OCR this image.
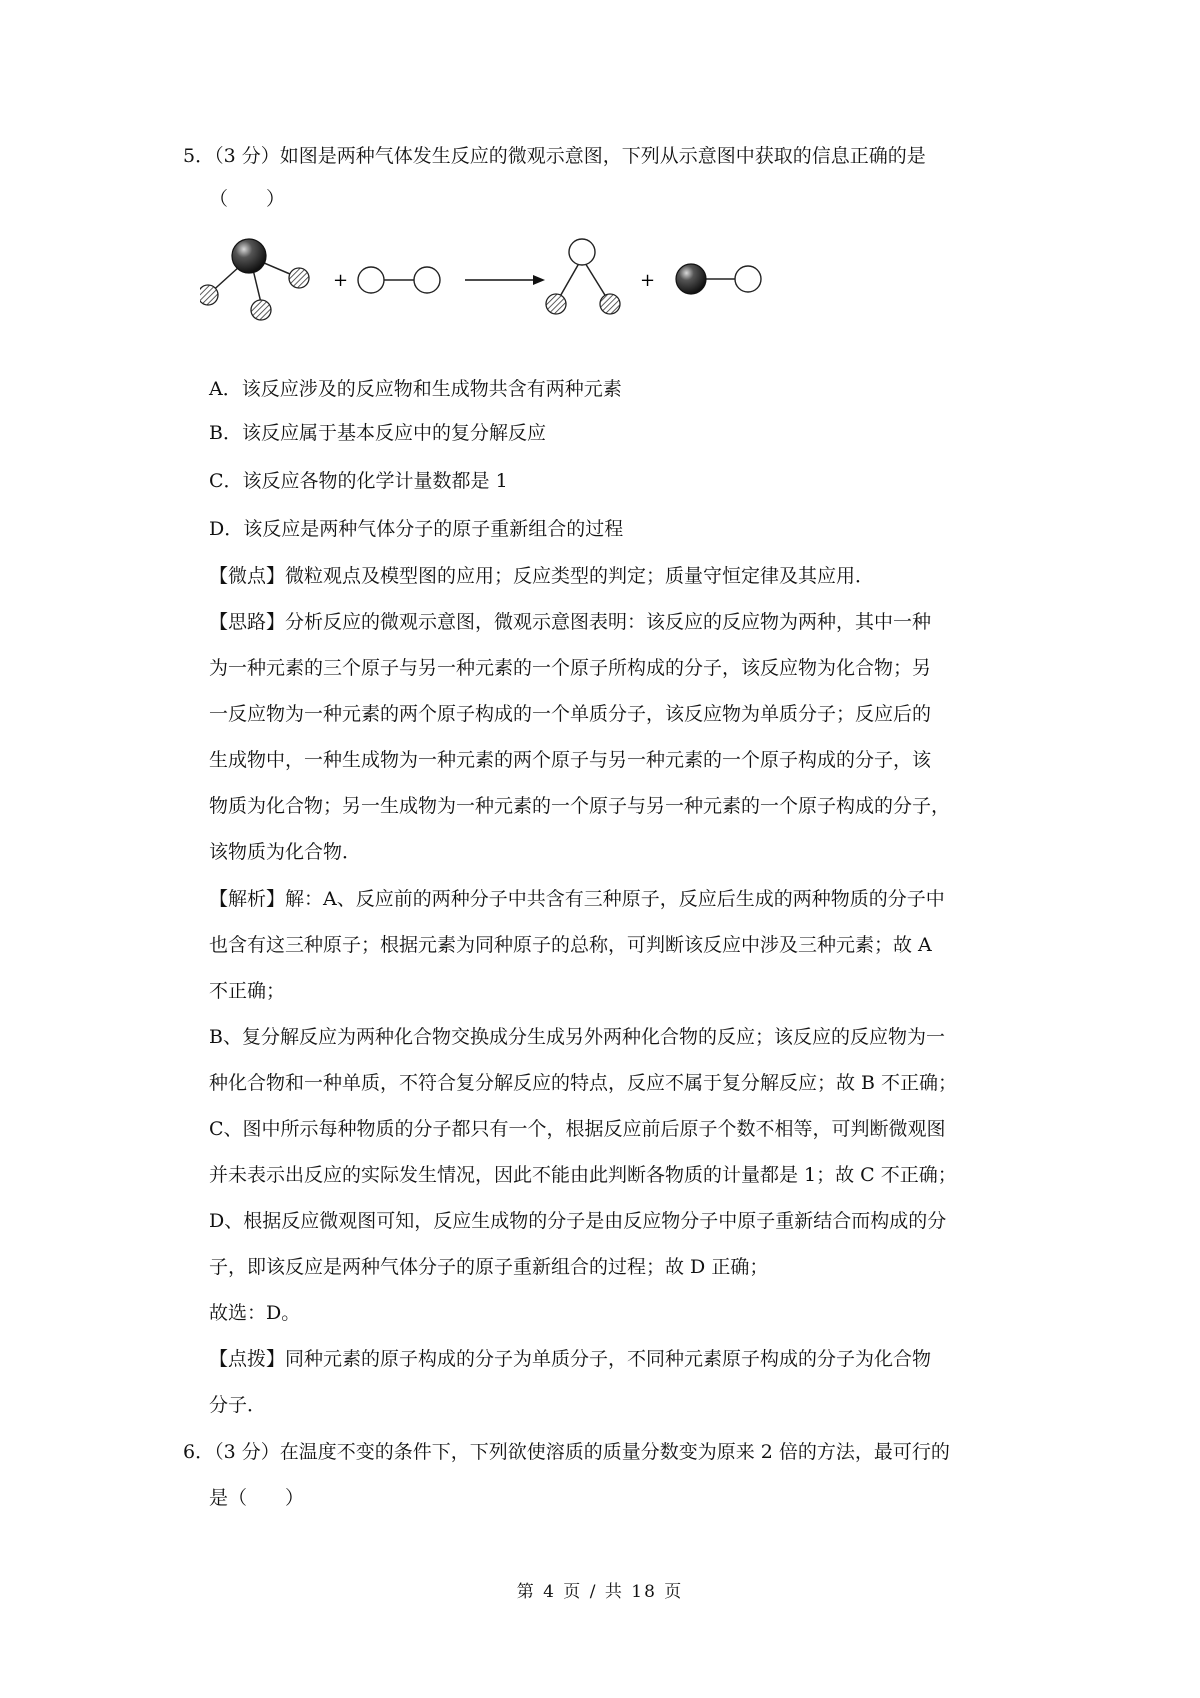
5．（3 分）如图是两种气体发生反应的微观示意图，下列从示意图中获取的信息正确的是
（　　）
+	+
A．该反应涉及的反应物和生成物共含有两种元素
B．该反应属于基本反应中的复分解反应
C．该反应各物的化学计量数都是 1
D．该反应是两种气体分子的原子重新组合的过程
【微点】微粒观点及模型图的应用；反应类型的判定；质量守恒定律及其应用．
【思路】分析反应的微观示意图，微观示意图表明：该反应的反应物为两种，其中一种
为一种元素的三个原子与另一种元素的一个原子所构成的分子，该反应物为化合物；另
一反应物为一种元素的两个原子构成的一个单质分子，该反应物为单质分子；反应后的
生成物中，一种生成物为一种元素的两个原子与另一种元素的一个原子构成的分子，该
物质为化合物；另一生成物为一种元素的一个原子与另一种元素的一个原子构成的分子，
该物质为化合物．
【解析】解：A、反应前的两种分子中共含有三种原子，反应后生成的两种物质的分子中
也含有这三种原子；根据元素为同种原子的总称，可判断该反应中涉及三种元素；故 A
不正确；
B、复分解反应为两种化合物交换成分生成另外两种化合物的反应；该反应的反应物为一
种化合物和一种单质，不符合复分解反应的特点，反应不属于复分解反应；故 B 不正确；
C、图中所示每种物质的分子都只有一个，根据反应前后原子个数不相等，可判断微观图
并未表示出反应的实际发生情况，因此不能由此判断各物质的计量都是 1；故 C 不正确；
D、根据反应微观图可知，反应生成物的分子是由反应物分子中原子重新结合而构成的分
子，即该反应是两种气体分子的原子重新组合的过程；故 D 正确；
故选：D。
【点拨】同种元素的原子构成的分子为单质分子，不同种元素原子构成的分子为化合物
分子．
6．（3 分）在温度不变的条件下，下列欲使溶质的质量分数变为原来 2 倍的方法，最可行的
是（　　）
第 4 页 / 共 18 页
